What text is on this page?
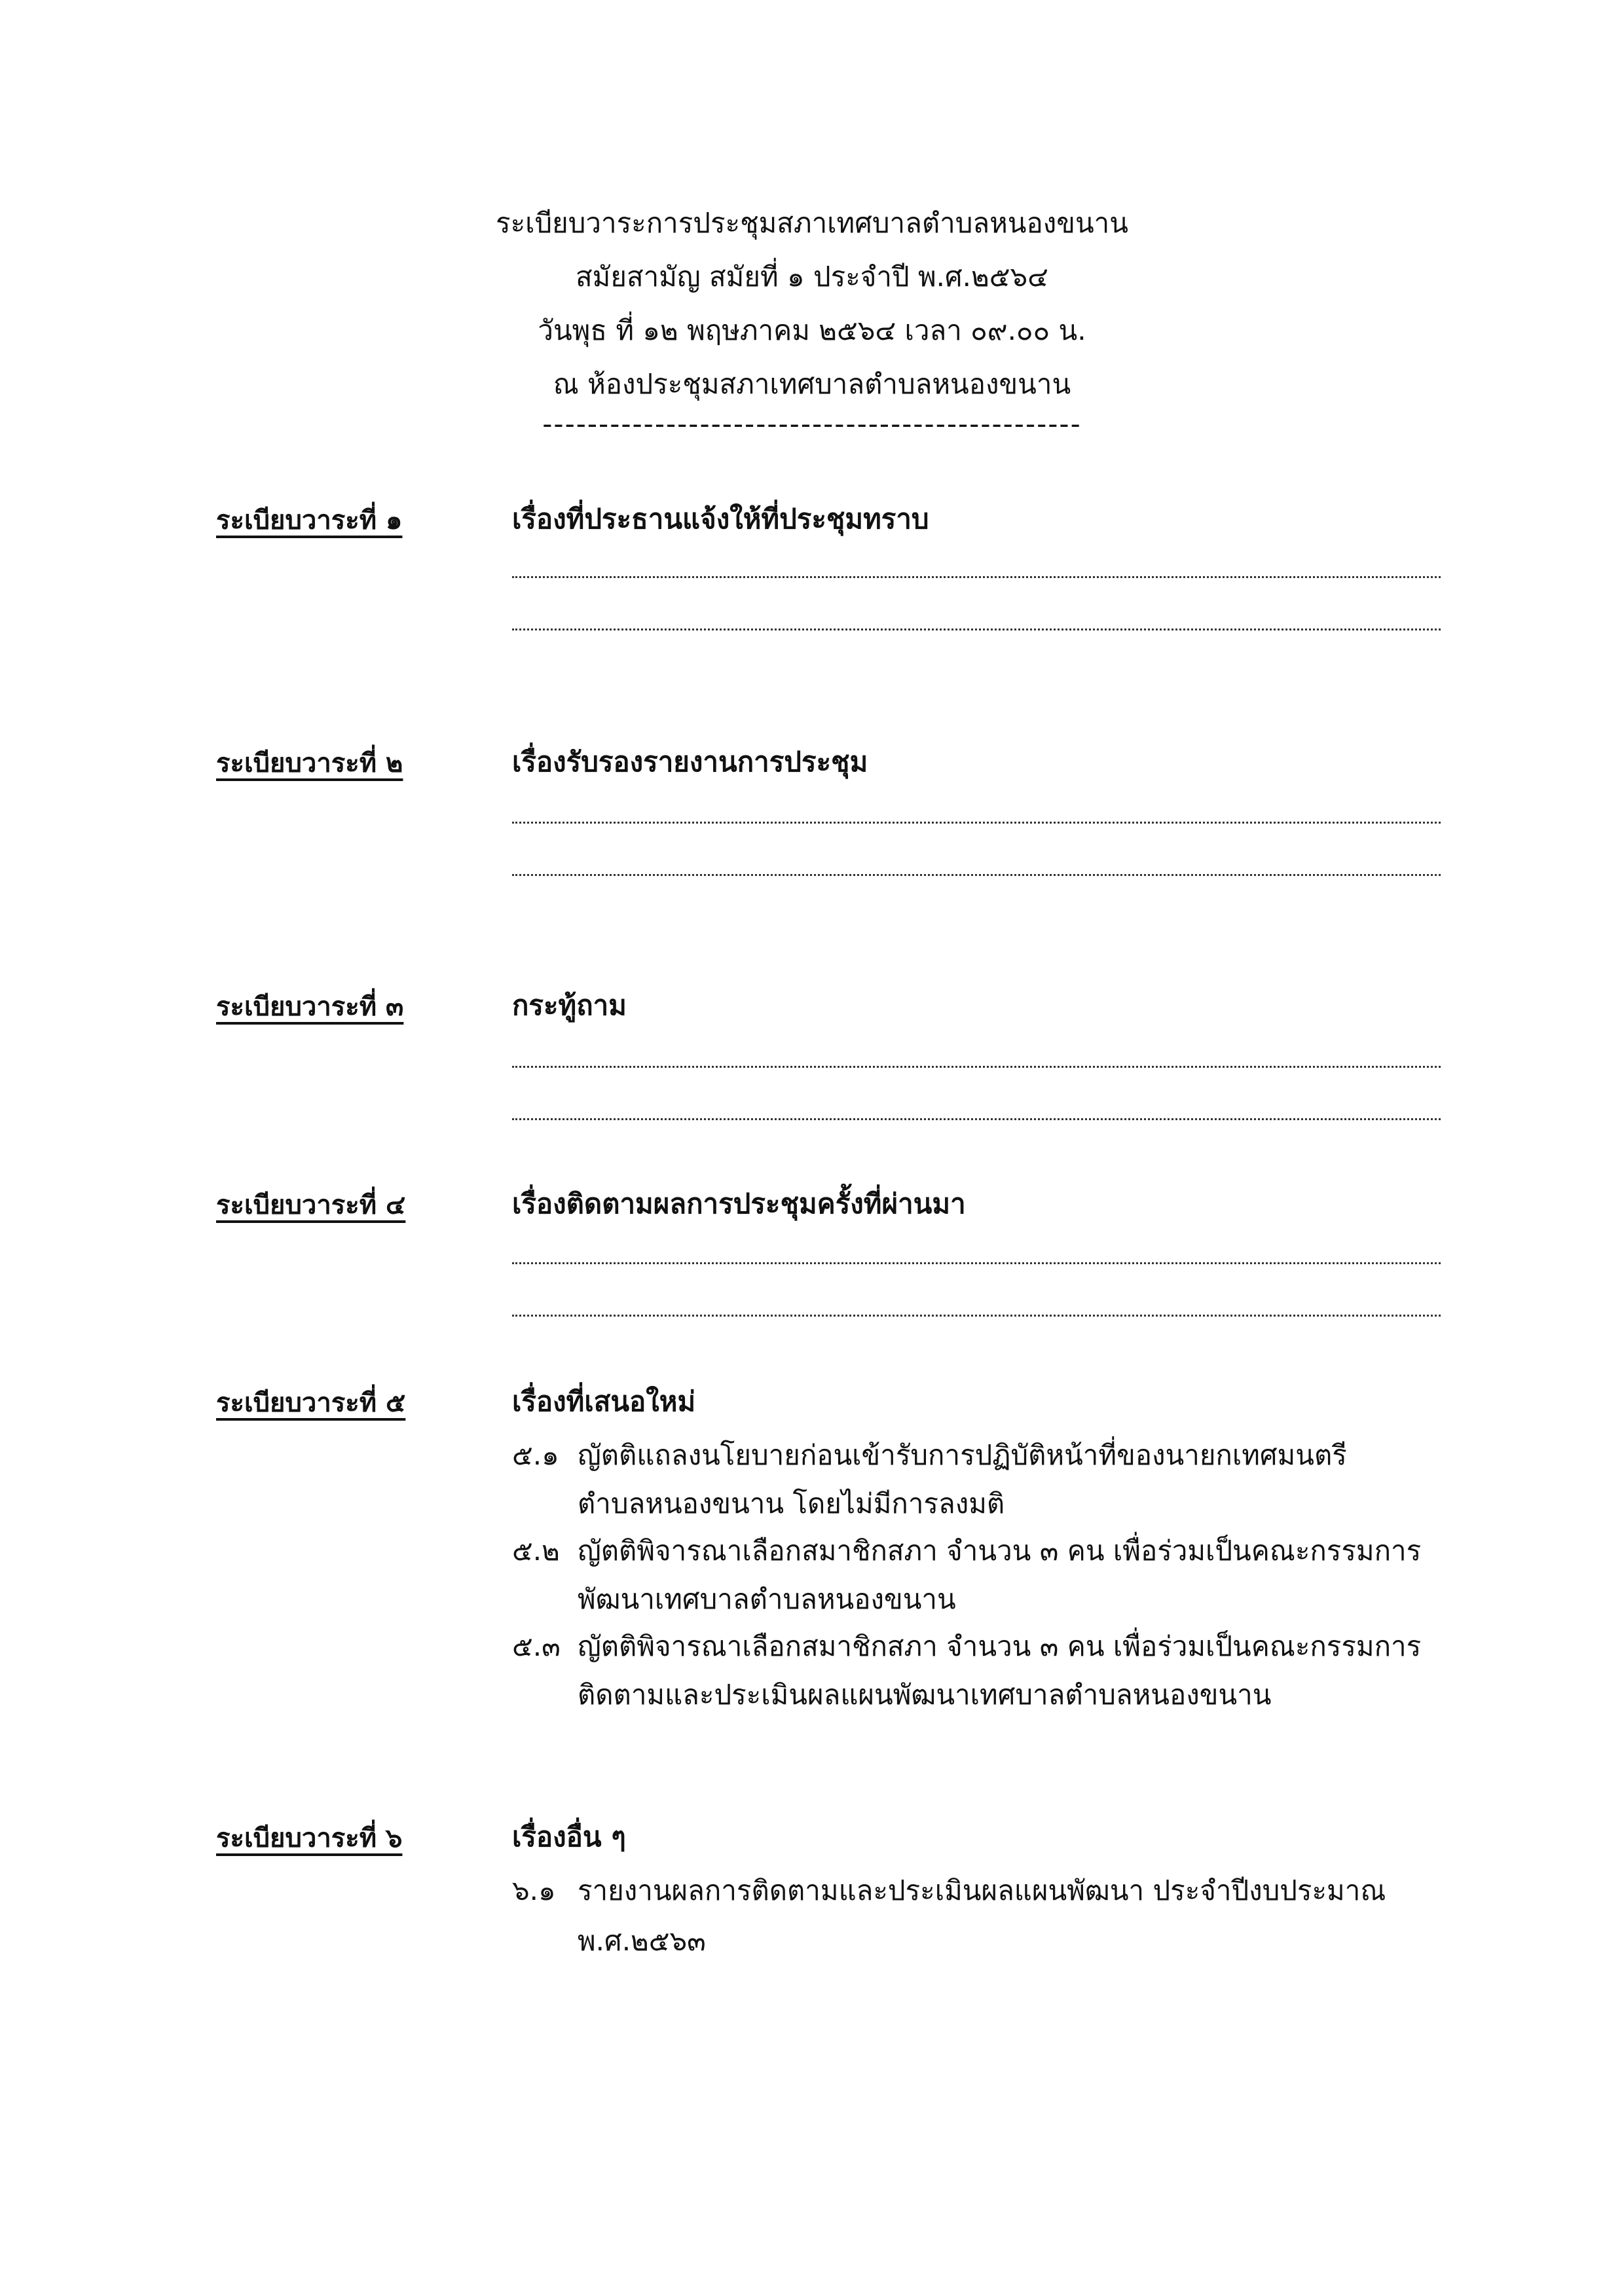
ระเบียบวาระการประชุมสภาเทศบาลตำบลหนองขนาน
สมัยสามัญ สมัยที่ ๑ ประจำปี พ.ศ.๒๕๖๔
วันพุธ ที่ ๑๒ พฤษภาคม ๒๕๖๔ เวลา ๐๙.๐๐ น.
ณ ห้องประชุมสภาเทศบาลตำบลหนองขนาน
------------------------------------------------
ระเบียบวาระที่ ๑	เรื่องที่ประธานแจ้งให้ที่ประชุมทราบ
ระเบียบวาระที่ ๒	เรื่องรับรองรายงานการประชุม
ระเบียบวาระที่ ๓	กระทู้ถาม
ระเบียบวาระที่ ๔	เรื่องติดตามผลการประชุมครั้งที่ผ่านมา
ระเบียบวาระที่ ๕	เรื่องที่เสนอใหม่
๕.๑ ญัตติแถลงนโยบายก่อนเข้ารับการปฏิบัติหน้าที่ของนายกเทศมนตรี
ตำบลหนองขนาน โดยไม่มีการลงมติ
๕.๒ ญัตติพิจารณาเลือกสมาชิกสภา จำนวน ๓ คน เพื่อร่วมเป็นคณะกรรมการ
พัฒนาเทศบาลตำบลหนองขนาน
๕.๓ ญัตติพิจารณาเลือกสมาชิกสภา จำนวน ๓ คน เพื่อร่วมเป็นคณะกรรมการ
ติดตามและประเมินผลแผนพัฒนาเทศบาลตำบลหนองขนาน
ระเบียบวาระที่ ๖	เรื่องอื่น ๆ
๖.๑ รายงานผลการติดตามและประเมินผลแผนพัฒนา ประจำปีงบประมาณ
พ.ศ.๒๕๖๓
